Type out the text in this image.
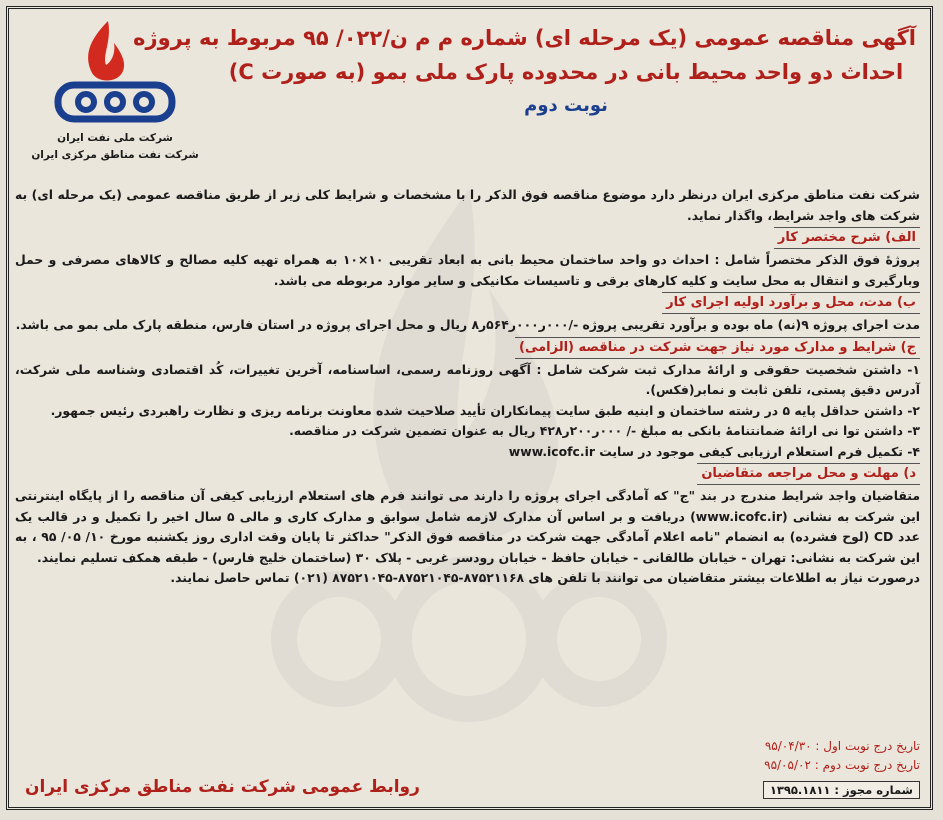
شرکت ملی نفت ایران
شرکت نفت مناطق مرکزی ایران
آگهی مناقصه عمومی (یک مرحله ای) شماره م م ن/۰۲۲/ ۹۵ مربوط به پروژه
احداث دو واحد محیط بانی در محدوده پارک ملی بمو (به صورت C)
نوبت دوم

شرکت نفت مناطق مرکزی ایران درنظر دارد موضوع مناقصه فوق الذکر را با مشخصات و شرایط کلی زیر از طریق مناقصه عمومی (یک مرحله ای) به شرکت های واجد شرایط، واگذار نماید.

الف) شرح مختصر کار

پروژهٔ فوق الذکر مختصراً شامل : احداث دو واحد ساختمان محیط بانی به ابعاد تقریبی ۱۰×۱۰ به همراه تهیه کلیه مصالح و کالاهای مصرفی و حمل وبارگیری و انتقال به محل سایت و کلیه کارهای برقی و تاسیسات مکانیکی و سایر موارد مربوطه می باشد.

ب) مدت، محل و برآورد اولیه اجرای کار

مدت اجرای پروژه ۹(نه) ماه بوده و برآورد تقریبی پروژه -/۰۰۰ر۰۰۰ر۵۶۴ر۸ ریال و محل اجرای پروژه در استان فارس، منطقه پارک ملی بمو می باشد.

ج) شرایط و مدارک مورد نیاز جهت شرکت در مناقصه (الزامی)

۱- داشتن شخصیت حقوقی و ارائهٔ مدارک ثبت شرکت شامل : آگهی روزنامه رسمی، اساسنامه، آخرین تغییرات، کُد اقتصادی وشناسه ملی شرکت، آدرس دقیق پستی، تلفن ثابت و نمابر(فکس).

۲- داشتن حداقل پایه ۵ در رشته ساختمان و ابنیه طبق سایت پیمانکاران تأیید صلاحیت شده معاونت برنامه ریزی و نظارت راهبردی رئیس جمهور.

۳- داشتن توا نی ارائهٔ ضمانتنامهٔ بانکی به مبلغ -/ ۰۰۰ر۲۰۰ر۴۲۸ ریال به عنوان تضمین شرکت در مناقصه.

۴- تکمیل فرم استعلام ارزیابی کیفی موجود در سایت www.icofc.ir

د) مهلت و محل مراجعه متقاضیان

متقاضیان واجد شرایط مندرج در بند "ج" که آمادگی اجرای پروژه را دارند می توانند فرم های استعلام ارزیابی کیفی آن مناقصه را از پایگاه اینترنتی این شرکت به نشانی (www.icofc.ir) دریافت و بر اساس آن مدارک لازمه شامل سوابق و مدارک کاری و مالی ۵ سال اخیر را تکمیل و در قالب یک عدد CD (لوح فشرده) به انضمام "نامه اعلام آمادگی جهت شرکت در مناقصه فوق الذکر" حداکثر تا پایان وقت اداری روز یکشنبه مورخ ۱۰/ ۰۵/ ۹۵ ، به این شرکت به نشانی: تهران - خیابان طالقانی - خیابان حافظ - خیابان رودسر غربی - پلاک ۳۰ (ساختمان خلیج فارس) - طبقه همکف تسلیم نمایند.

درصورت نیاز به اطلاعات بیشتر متقاضیان می توانند با تلفن های ۸۷۵۲۱۱۶۸-۸۷۵۲۱۰۴۵-۸۷۵۲۱۰۴۵ (۰۲۱) تماس حاصل نمایند.

تاریخ درج نوبت اول : ۹۵/۰۴/۳۰
تاریخ درج نوبت دوم : ۹۵/۰۵/۰۲
شماره مجوز : ۱۳۹۵.۱۸۱۱
روابط عمومی شرکت نفت مناطق مرکزی ایران
